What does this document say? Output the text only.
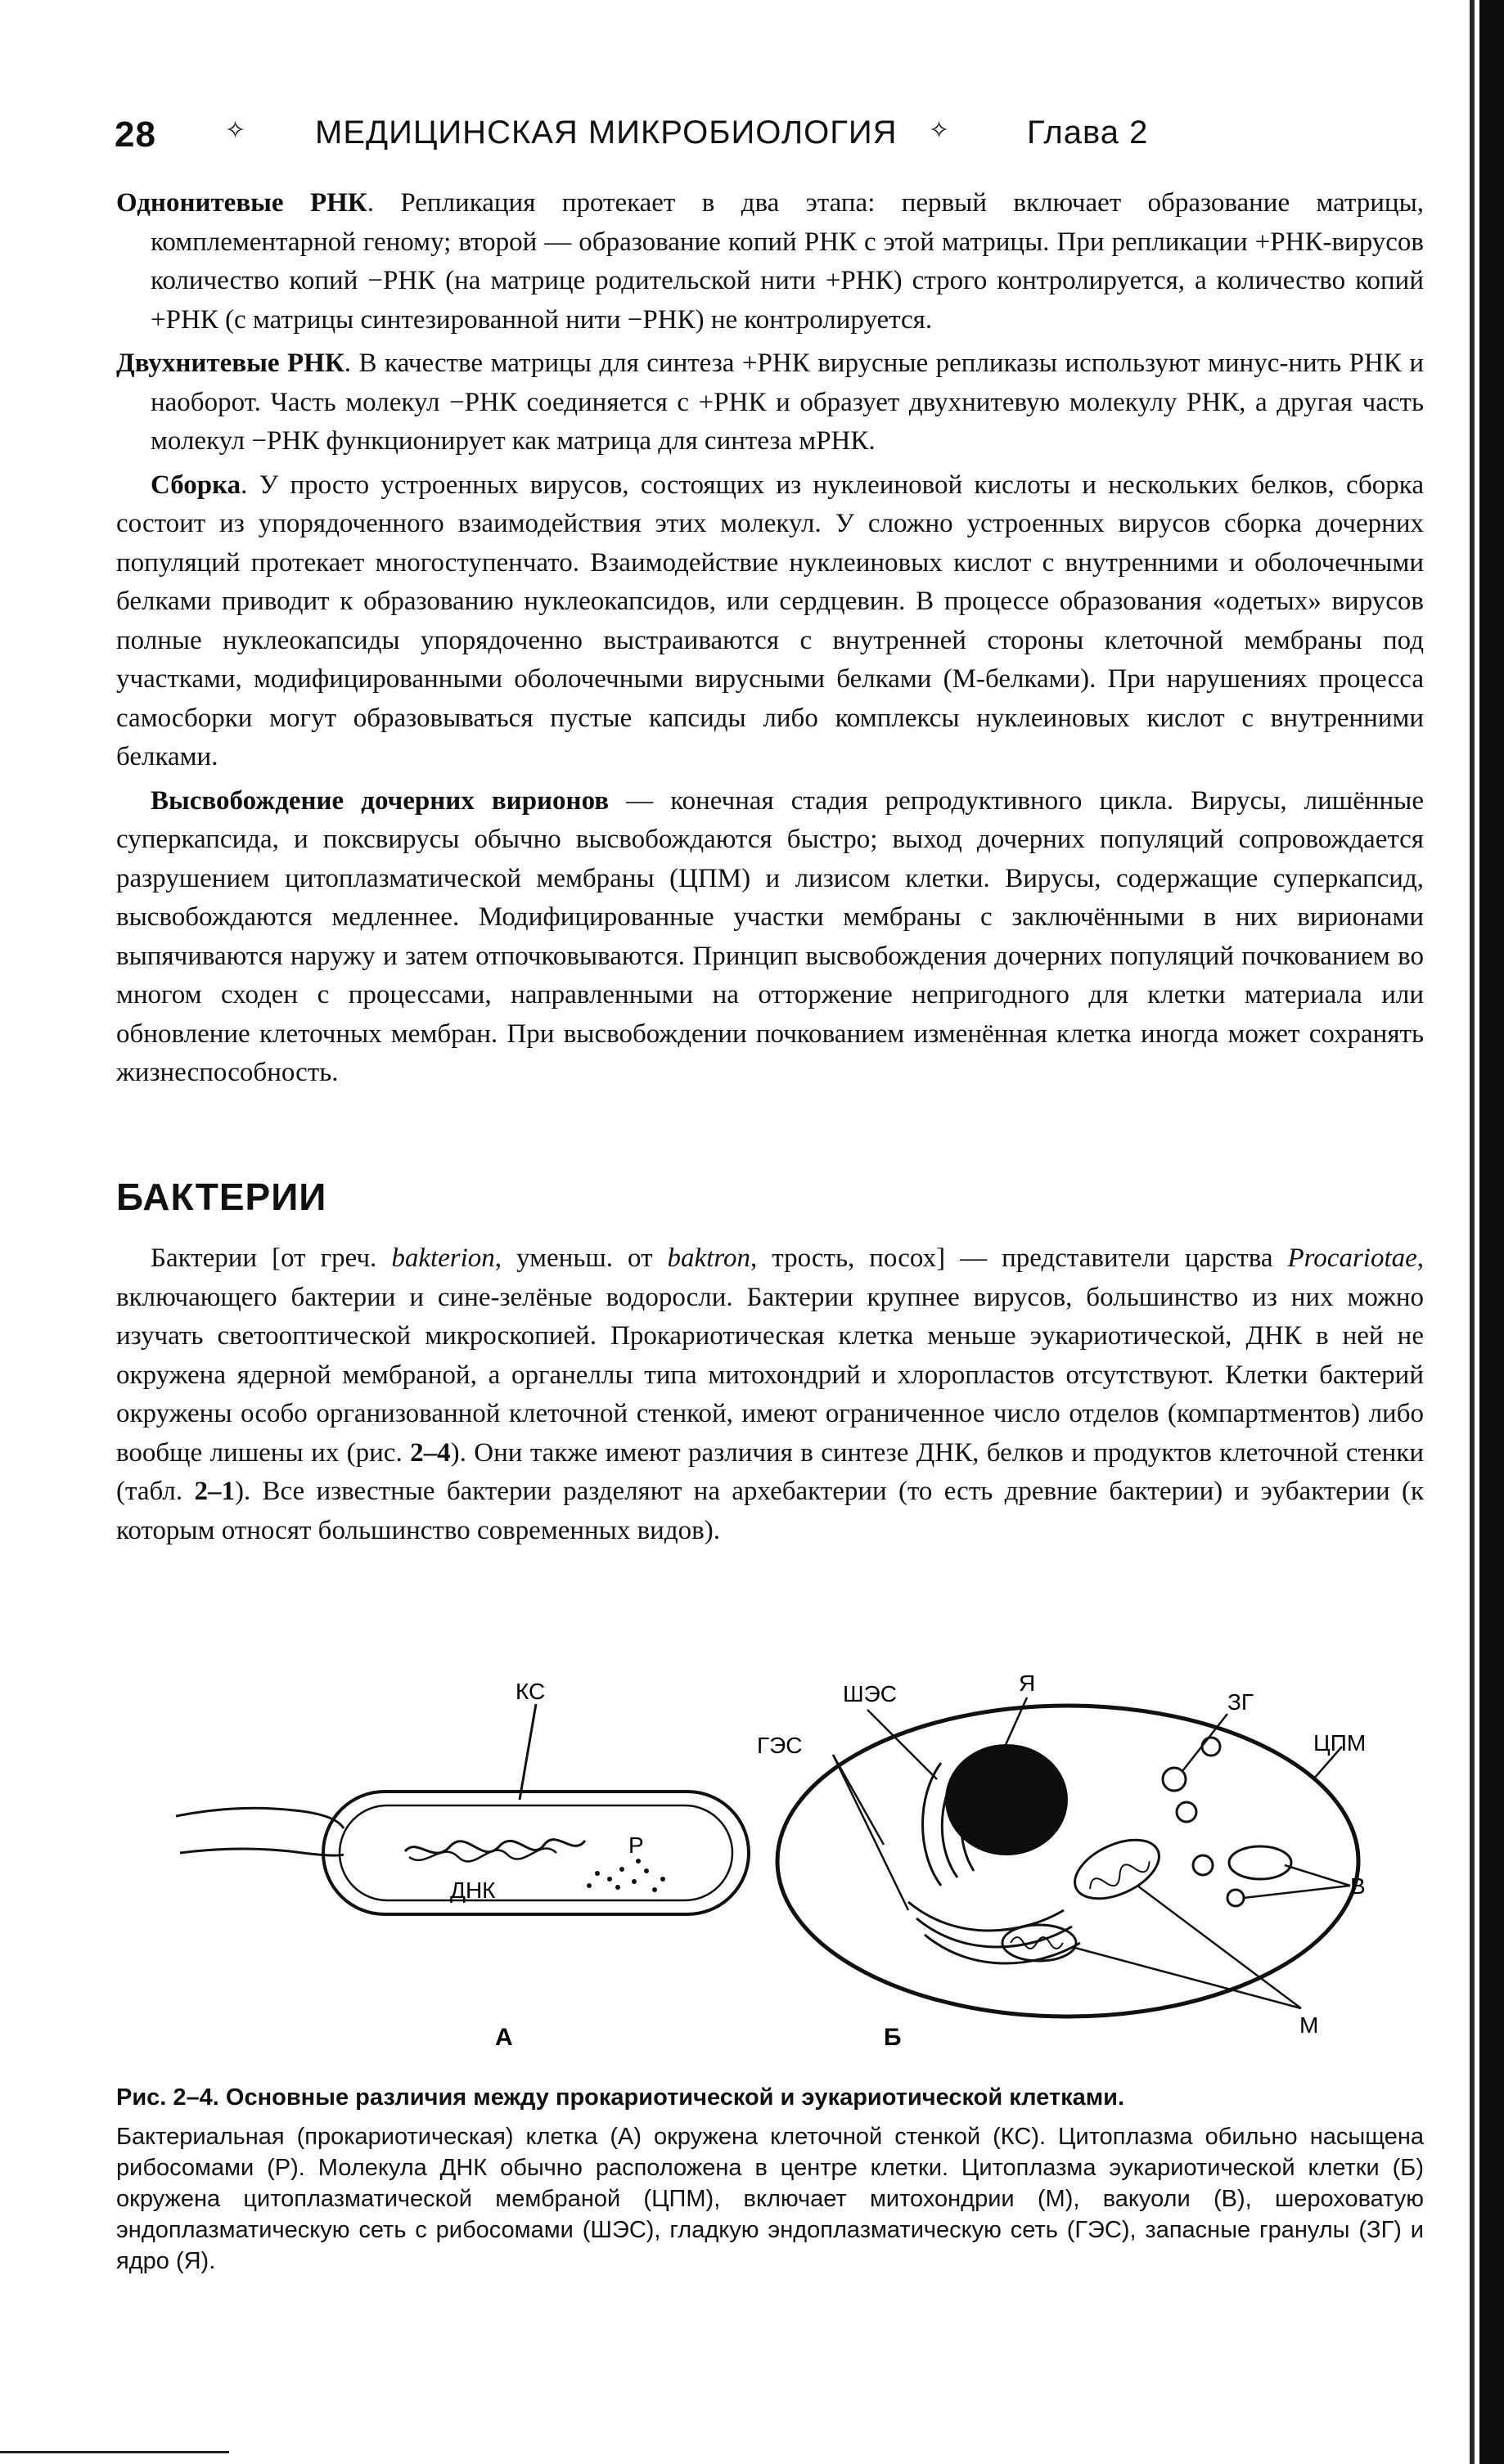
28	✧ МЕДИЦИНСКАЯ МИКРОБИОЛОГИЯ ✧ Глава 2

Однонитевые РНК. Репликация протекает в два этапа: первый включает образование матрицы, комплементарной геному; второй — образование копий РНК с этой матрицы. При репликации +РНК-вирусов количество копий −РНК (на матрице родительской нити +РНК) строго контролируется, а количество копий +РНК (с матрицы синтезированной нити −РНК) не контролируется.

Двухнитевые РНК. В качестве матрицы для синтеза +РНК вирусные репликазы используют минус-нить РНК и наоборот. Часть молекул −РНК соединяется с +РНК и образует двухнитевую молекулу РНК, а другая часть молекул −РНК функционирует как матрица для синтеза мРНК.

Сборка. У просто устроенных вирусов, состоящих из нуклеиновой кислоты и нескольких белков, сборка состоит из упорядоченного взаимодействия этих молекул. У сложно устроенных вирусов сборка дочерних популяций протекает многоступенчато. Взаимодействие нуклеиновых кислот с внутренними и оболочечными белками приводит к образованию нуклеокапсидов, или сердцевин. В процессе образования «одетых» вирусов полные нуклеокапсиды упорядоченно выстраиваются с внутренней стороны клеточной мембраны под участками, модифицированными оболочечными вирусными белками (М-белками). При нарушениях процесса самосборки могут образовываться пустые капсиды либо комплексы нуклеиновых кислот с внутренними белками.

Высвобождение дочерних вирионов — конечная стадия репродуктивного цикла. Вирусы, лишённые суперкапсида, и поксвирусы обычно высвобождаются быстро; выход дочерних популяций сопровождается разрушением цитоплазматической мембраны (ЦПМ) и лизисом клетки. Вирусы, содержащие суперкапсид, высвобождаются медленнее. Модифицированные участки мембраны с заключёнными в них вирионами выпячиваются наружу и затем отпочковываются. Принцип высвобождения дочерних популяций почкованием во многом сходен с процессами, направленными на отторжение непригодного для клетки материала или обновление клеточных мембран. При высвобождении почкованием изменённая клетка иногда может сохранять жизнеспособность.

БАКТЕРИИ

Бактерии [от греч. bakterion, уменьш. от baktron, трость, посох] — представители царства Procariotae, включающего бактерии и сине-зелёные водоросли. Бактерии крупнее вирусов, большинство из них можно изучать светооптической микроскопией. Прокариотическая клетка меньше эукариотической, ДНК в ней не окружена ядерной мембраной, а органеллы типа митохондрий и хлоропластов отсутствуют. Клетки бактерий окружены особо организованной клеточной стенкой, имеют ограниченное число отделов (компартментов) либо вообще лишены их (рис. 2–4). Они также имеют различия в синтезе ДНК, белков и продуктов клеточной стенки (табл. 2–1). Все известные бактерии разделяют на архебактерии (то есть древние бактерии) и эубактерии (к которым относят большинство современных видов).

КС
ДНК
Р
А
ШЭС
ГЭС
Я
ЗГ
ЦПМ
В
М
Б

Рис. 2–4. Основные различия между прокариотической и эукариотической клетками.

Бактериальная (прокариотическая) клетка (А) окружена клеточной стенкой (КС). Цитоплазма обильно насыщена рибосомами (Р). Молекула ДНК обычно расположена в центре клетки. Цитоплазма эукариотической клетки (Б) окружена цитоплазматической мембраной (ЦПМ), включает митохондрии (М), вакуоли (В), шероховатую эндоплазматическую сеть с рибосомами (ШЭС), гладкую эндоплазматическую сеть (ГЭС), запасные гранулы (ЗГ) и ядро (Я).
